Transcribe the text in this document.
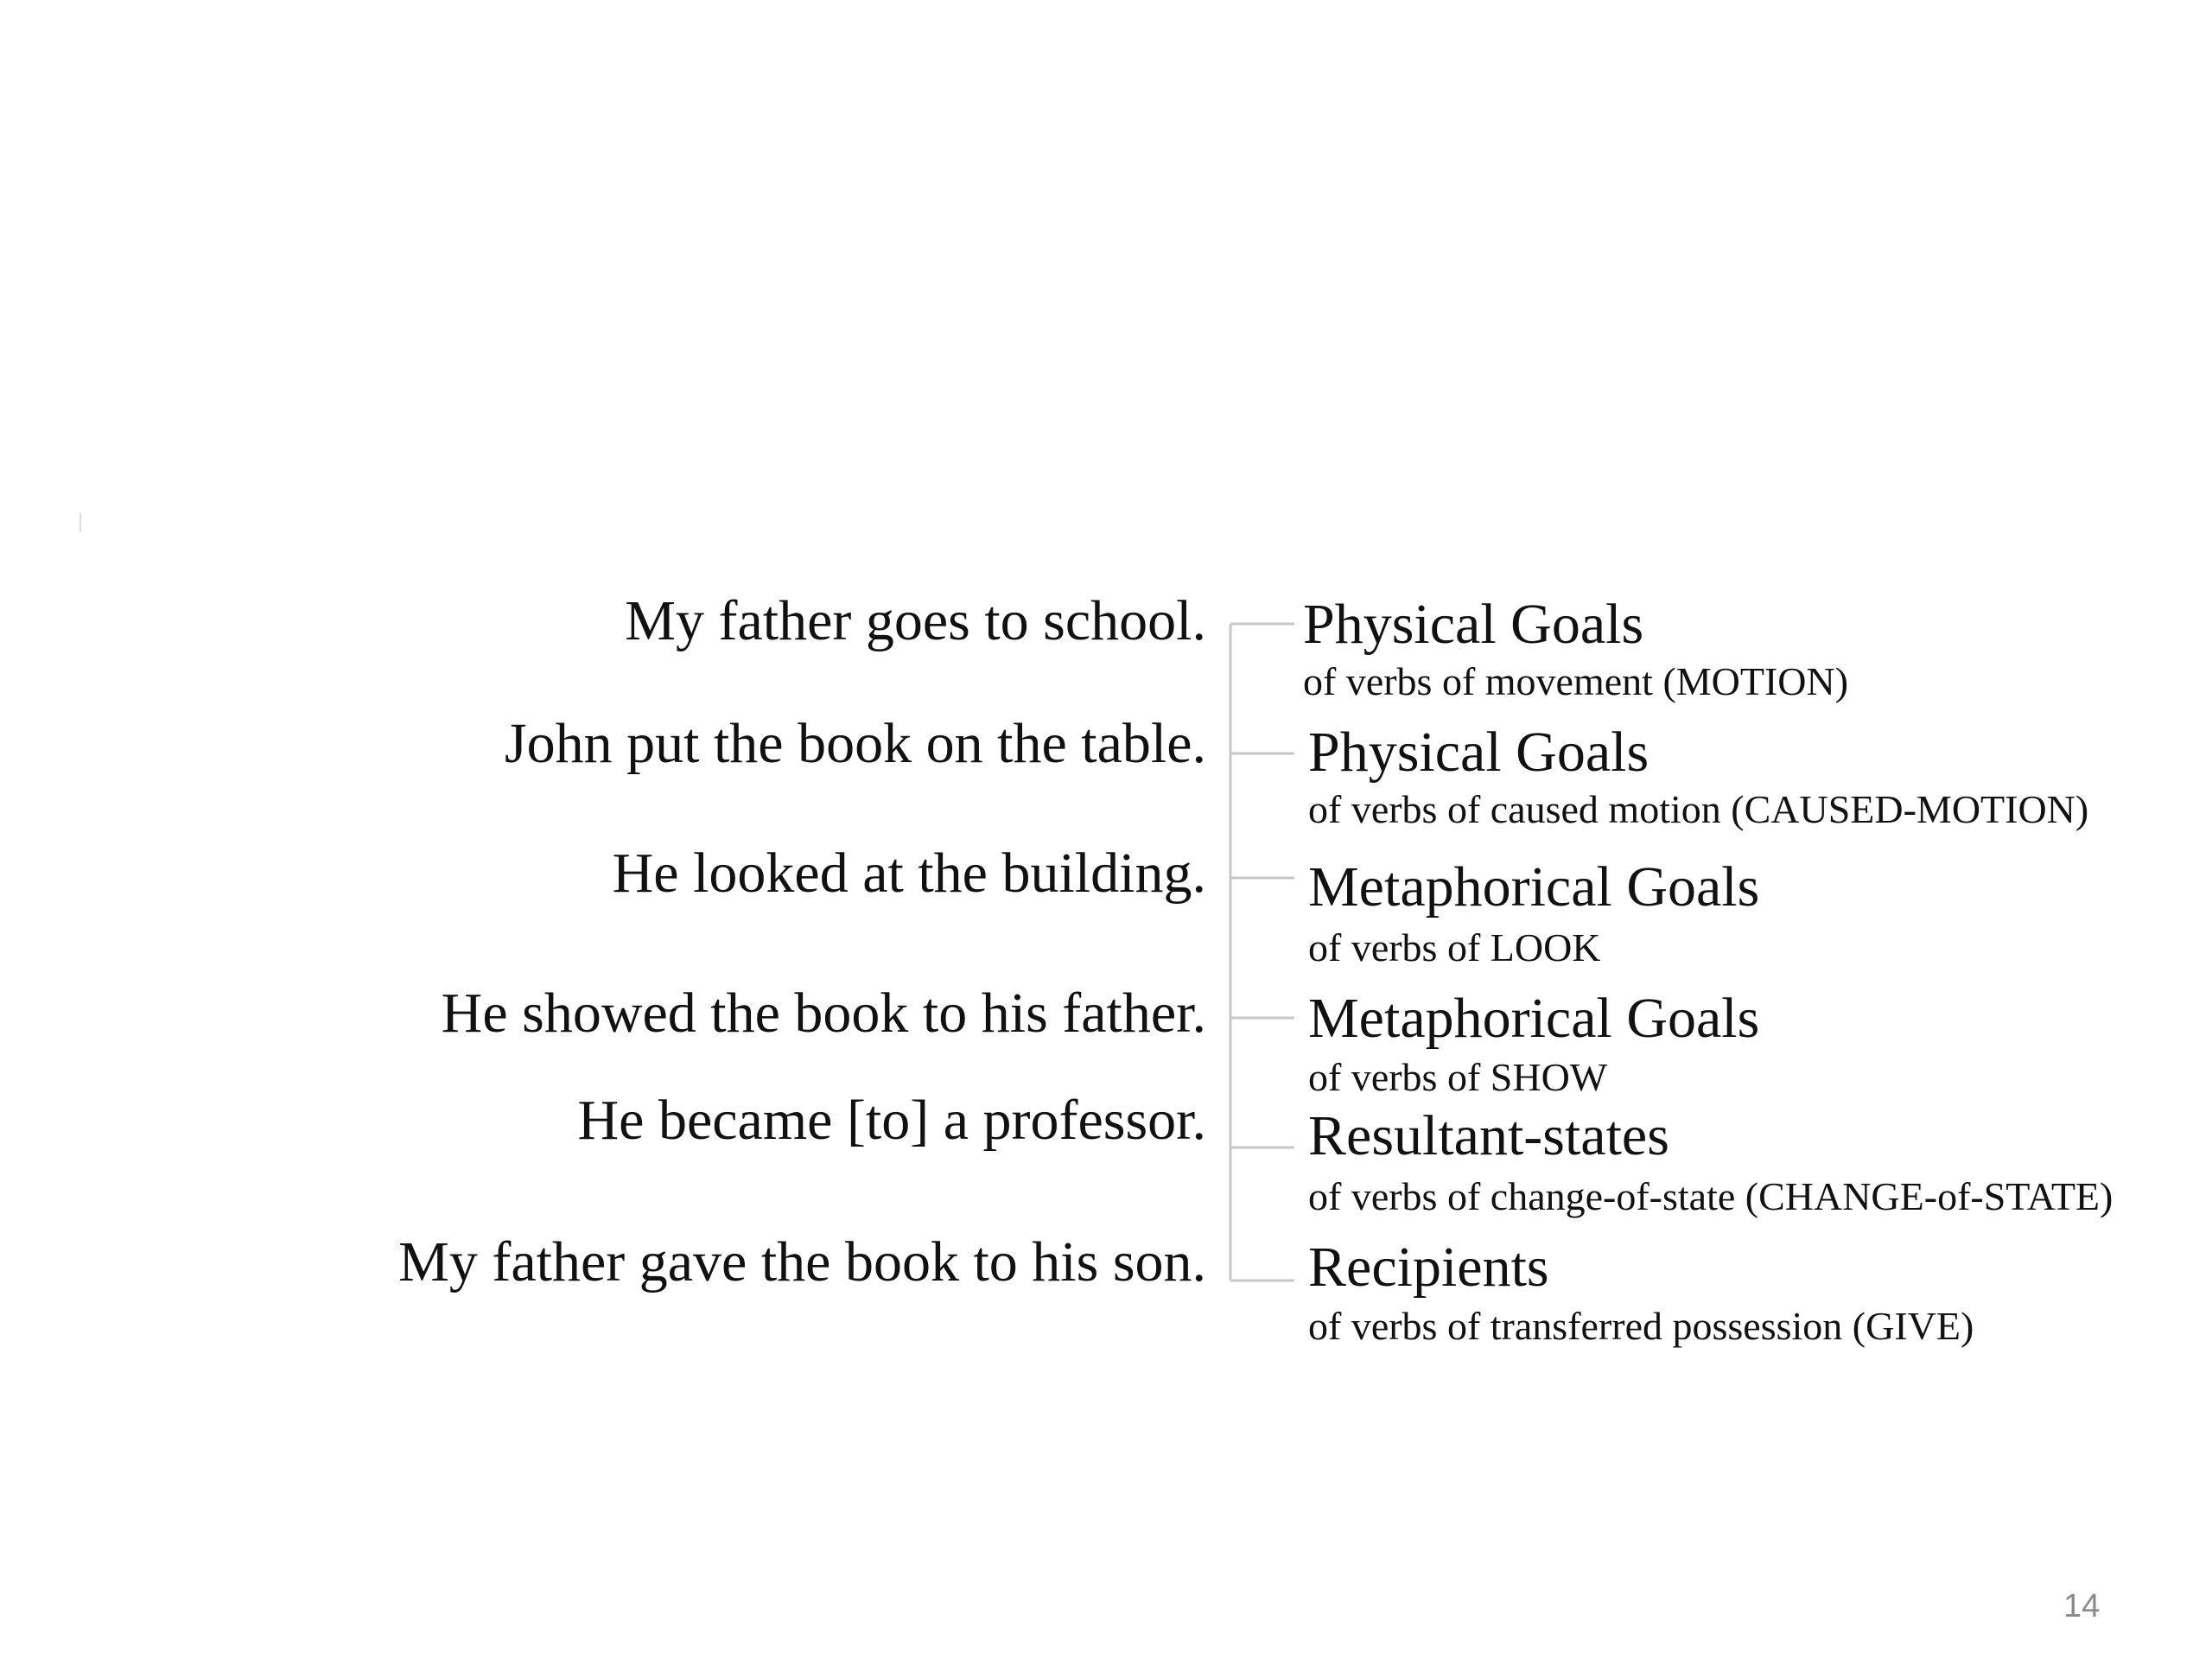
My father goes to school.
John put the book on the table.
He looked at the building.
He showed the book to his father.
He became [to] a professor.
My father gave the book to his son.
Physical Goals
of verbs of movement (MOTION)
Physical Goals
of verbs of caused motion (CAUSED-MOTION)
Metaphorical Goals
of verbs of LOOK
Metaphorical Goals
of verbs of SHOW
Resultant-states
of verbs of change-of-state (CHANGE-of-STATE)
Recipients
of verbs of transferred possession (GIVE)
14
